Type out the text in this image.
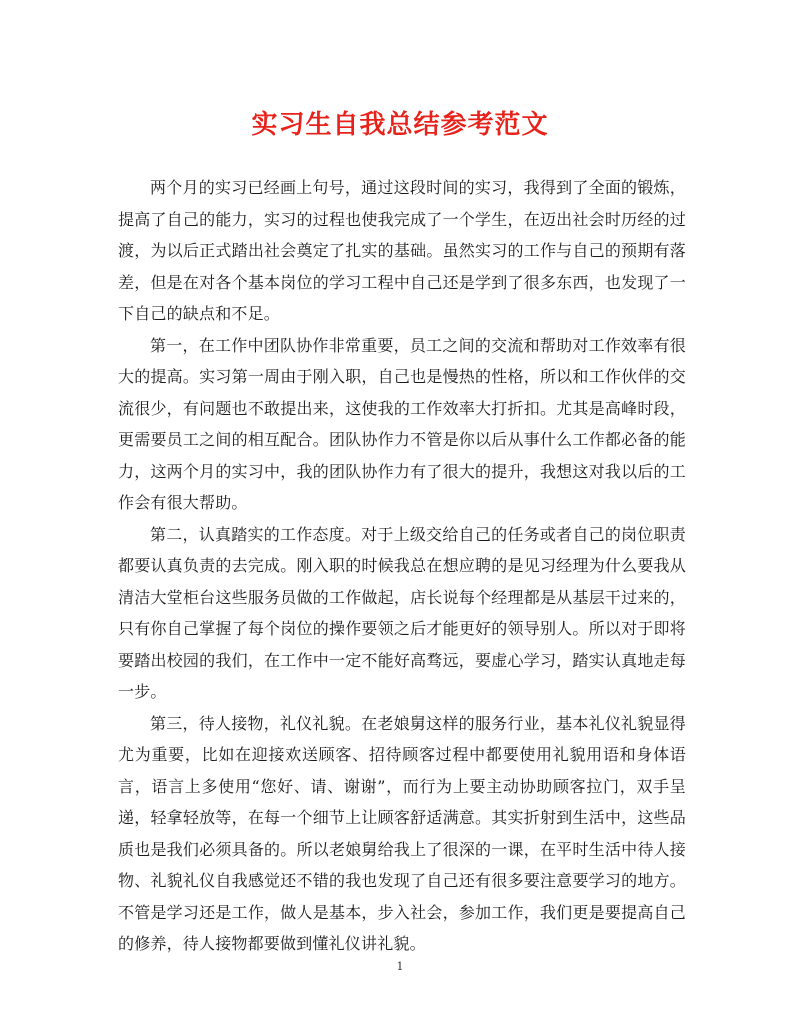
实习生自我总结参考范文

两个月的实习已经画上句号，通过这段时间的实习，我得到了全面的锻炼，提高了自己的能力，实习的过程也使我完成了一个学生，在迈出社会时历经的过渡，为以后正式踏出社会奠定了扎实的基础。虽然实习的工作与自己的预期有落差，但是在对各个基本岗位的学习工程中自己还是学到了很多东西，也发现了一下自己的缺点和不足。

第一，在工作中团队协作非常重要，员工之间的交流和帮助对工作效率有很大的提高。实习第一周由于刚入职，自己也是慢热的性格，所以和工作伙伴的交流很少，有问题也不敢提出来，这使我的工作效率大打折扣。尤其是高峰时段，更需要员工之间的相互配合。团队协作力不管是你以后从事什么工作都必备的能力，这两个月的实习中，我的团队协作力有了很大的提升，我想这对我以后的工作会有很大帮助。

第二，认真踏实的工作态度。对于上级交给自己的任务或者自己的岗位职责都要认真负责的去完成。刚入职的时候我总在想应聘的是见习经理为什么要我从清洁大堂柜台这些服务员做的工作做起，店长说每个经理都是从基层干过来的，只有你自己掌握了每个岗位的操作要领之后才能更好的领导别人。所以对于即将要踏出校园的我们，在工作中一定不能好高骛远，要虚心学习，踏实认真地走每一步。

第三，待人接物，礼仪礼貌。在老娘舅这样的服务行业，基本礼仪礼貌显得尤为重要，比如在迎接欢送顾客、招待顾客过程中都要使用礼貌用语和身体语言，语言上多使用“您好、请、谢谢”，而行为上要主动协助顾客拉门，双手呈递，轻拿轻放等，在每一个细节上让顾客舒适满意。其实折射到生活中，这些品质也是我们必须具备的。所以老娘舅给我上了很深的一课，在平时生活中待人接物、礼貌礼仪自我感觉还不错的我也发现了自己还有很多要注意要学习的地方。不管是学习还是工作，做人是基本，步入社会，参加工作，我们更是要提高自己的修养，待人接物都要做到懂礼仪讲礼貌。

1
